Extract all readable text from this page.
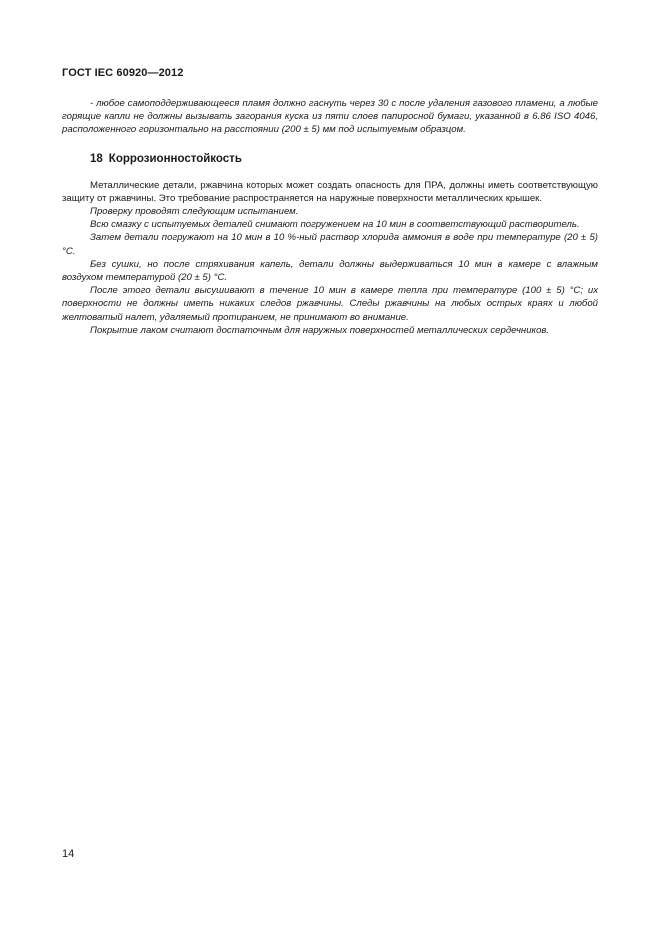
ГОСТ IEC 60920—2012

- любое самоподдерживающееся пламя должно гаснуть через 30 с после удаления газового пламени, а любые горящие капли не должны вызывать загорания куска из пяти слоев папиросной бумаги, указанной в 6.86 ISO 4046, расположенного горизонтально на расстоянии (200 ± 5) мм под испытуемым образцом.

18 Коррозионностойкость

Металлические детали, ржавчина которых может создать опасность для ПРА, должны иметь соответствующую защиту от ржавчины. Это требование распространяется на наружные поверхности металлических крышек.

Проверку проводят следующим испытанием.

Всю смазку с испытуемых деталей снимают погружением на 10 мин в соответствующий растворитель.

Затем детали погружают на 10 мин в 10 %-ный раствор хлорида аммония в воде при температуре (20 ± 5) °С.

Без сушки, но после стряхивания капель, детали должны выдерживаться 10 мин в камере с влажным воздухом температурой (20 ± 5) °С.

После этого детали высушивают в течение 10 мин в камере тепла при температуре (100 ± 5) °С; их поверхности не должны иметь никаких следов ржавчины. Следы ржавчины на любых острых краях и любой желтоватый налет, удаляемый протиранием, не принимают во внимание.

Покрытие лаком считают достаточным для наружных поверхностей металлических сердечников.

14
